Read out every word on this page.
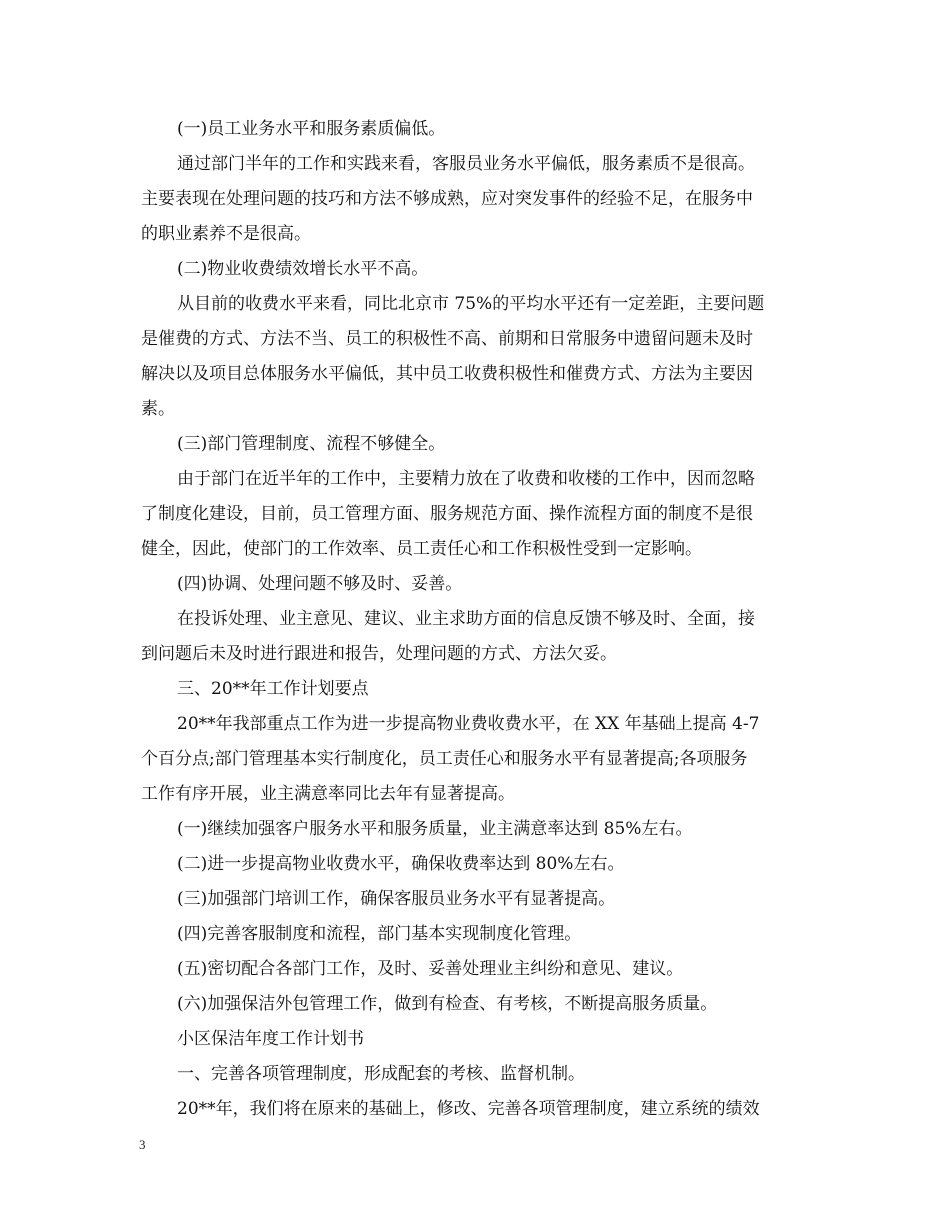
(一)员工业务水平和服务素质偏低。
通过部门半年的工作和实践来看，客服员业务水平偏低，服务素质不是很高。
主要表现在处理问题的技巧和方法不够成熟，应对突发事件的经验不足，在服务中
的职业素养不是很高。
(二)物业收费绩效增长水平不高。
从目前的收费水平来看，同比北京市 75%的平均水平还有一定差距，主要问题
是催费的方式、方法不当、员工的积极性不高、前期和日常服务中遗留问题未及时
解决以及项目总体服务水平偏低，其中员工收费积极性和催费方式、方法为主要因
素。
(三)部门管理制度、流程不够健全。
由于部门在近半年的工作中，主要精力放在了收费和收楼的工作中，因而忽略
了制度化建设，目前，员工管理方面、服务规范方面、操作流程方面的制度不是很
健全，因此，使部门的工作效率、员工责任心和工作积极性受到一定影响。
(四)协调、处理问题不够及时、妥善。
在投诉处理、业主意见、建议、业主求助方面的信息反馈不够及时、全面，接
到问题后未及时进行跟进和报告，处理问题的方式、方法欠妥。
三、20**年工作计划要点
20**年我部重点工作为进一步提高物业费收费水平，在 XX 年基础上提高 4-7
个百分点;部门管理基本实行制度化，员工责任心和服务水平有显著提高;各项服务
工作有序开展，业主满意率同比去年有显著提高。
(一)继续加强客户服务水平和服务质量，业主满意率达到 85%左右。
(二)进一步提高物业收费水平，确保收费率达到 80%左右。
(三)加强部门培训工作，确保客服员业务水平有显著提高。
(四)完善客服制度和流程，部门基本实现制度化管理。
(五)密切配合各部门工作，及时、妥善处理业主纠纷和意见、建议。
(六)加强保洁外包管理工作，做到有检查、有考核，不断提高服务质量。
小区保洁年度工作计划书
一、完善各项管理制度，形成配套的考核、监督机制。
20**年，我们将在原来的基础上，修改、完善各项管理制度，建立系统的绩效
3
